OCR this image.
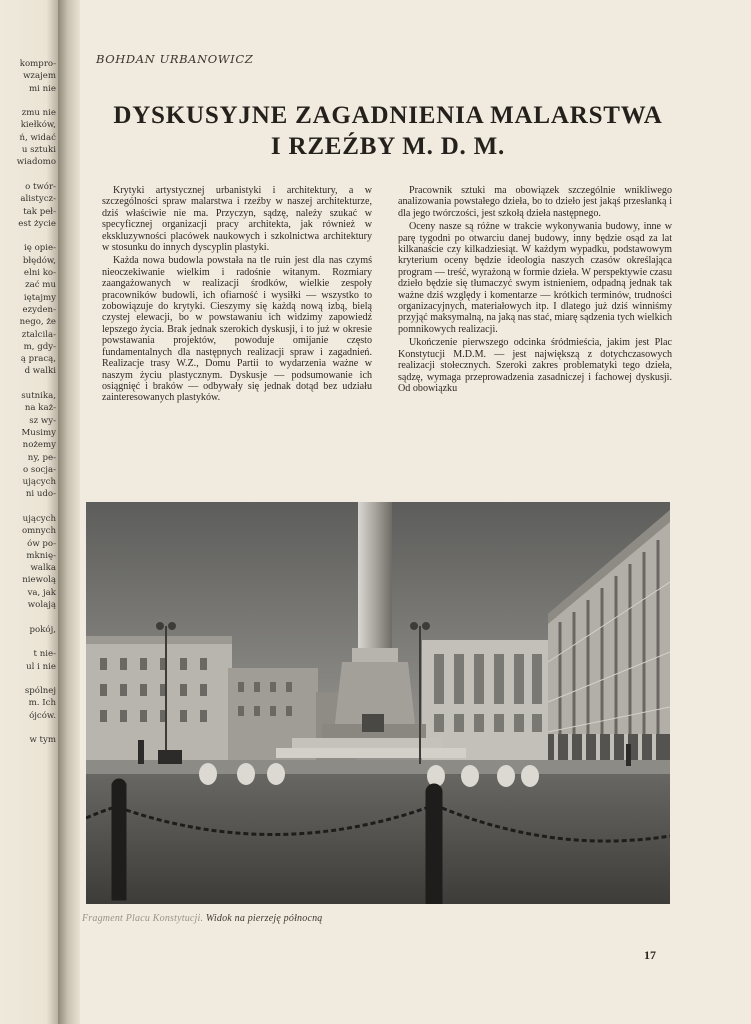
kompro-
wzajem
mi nie

zmu nie
kiełków,
ń, widać
u sztuki
wiadomo

o twór-
alistycz-
tak peł-
est życie

ię opie-
błędów,
elni ko-
zać mu
iętajmy
ezyden-
nego, że
ztalcila-
m, gdy-
ą pracą,
d walki

sutnika,
na każ-
sz wy-
Musimy
nożemy
ny, pe-
o socja-
ujących
ni udo-

ujących
omnych
ów po-
mknię-
walka
niewolą
va, jak
wolają

pokój,

t nie-
ul i nie

spólnej
m. Ich
ójców.

w tym
BOHDAN URBANOWICZ
DYSKUSYJNE ZAGADNIENIA MALARSTWA
I RZEŹBY M. D. M.

Krytyki artystycznej urbanistyki i architektury, a w szczególności spraw malarstwa i rzeźby w naszej architekturze, dziś właściwie nie ma. Przyczyn, sądzę, należy szukać w specyficznej organizacji pracy architekta, jak również w ekskluzywności placówek naukowych i szkolnictwa architektury w stosunku do innych dyscyplin plastyki.

Każda nowa budowla powstała na tle ruin jest dla nas czymś nieoczekiwanie wielkim i radośnie witanym. Rozmiary zaangażowanych w realizacji środków, wielkie zespoły pracowników budowli, ich ofiarność i wysiłki — wszystko to zobowiązuje do krytyki. Cieszymy się każdą nową izbą, bielą czystej elewacji, bo w powstawaniu ich widzimy zapowiedź lepszego życia. Brak jednak szerokich dyskusji, i to już w okresie powstawania projektów, powoduje omijanie często fundamentalnych dla następnych realizacji spraw i zagadnień. Realizacje trasy W.Z., Domu Partii to wydarzenia ważne w naszym życiu plastycznym. Dyskusje — podsumowanie ich osiągnięć i braków — odbywały się jednak dotąd bez udziału zainteresowanych plastyków.

Pracownik sztuki ma obowiązek szczególnie wnikliwego analizowania powstałego dzieła, bo to dzieło jest jakąś przesłanką i dla jego twórczości, jest szkołą dzieła następnego.

Oceny nasze są różne w trakcie wykonywania budowy, inne w parę tygodni po otwarciu danej budowy, inny będzie osąd za lat kilkanaście czy kilkadziesiąt. W każdym wypadku, podstawowym kryterium oceny będzie ideologia naszych czasów określająca program — treść, wyrażoną w formie dzieła. W perspektywie czasu dzieło będzie się tłumaczyć swym istnieniem, odpadną jednak tak ważne dziś względy i komentarze — krótkich terminów, trudności organizacyjnych, materiałowych itp. I dlatego już dziś winniśmy przyjąć maksymalną, na jaką nas stać, miarę sądzenia tych wielkich pomnikowych realizacji.

Ukończenie pierwszego odcinka śródmieścia, jakim jest Plac Konstytucji M.D.M. — jest największą z dotychczasowych realizacji stołecznych. Szeroki zakres problematyki tego dzieła, sądzę, wymaga przeprowadzenia zasadniczej i fachowej dyskusji. Od obowiązku

Fragment Placu Konstytucji. Widok na pierzeję północną
17
